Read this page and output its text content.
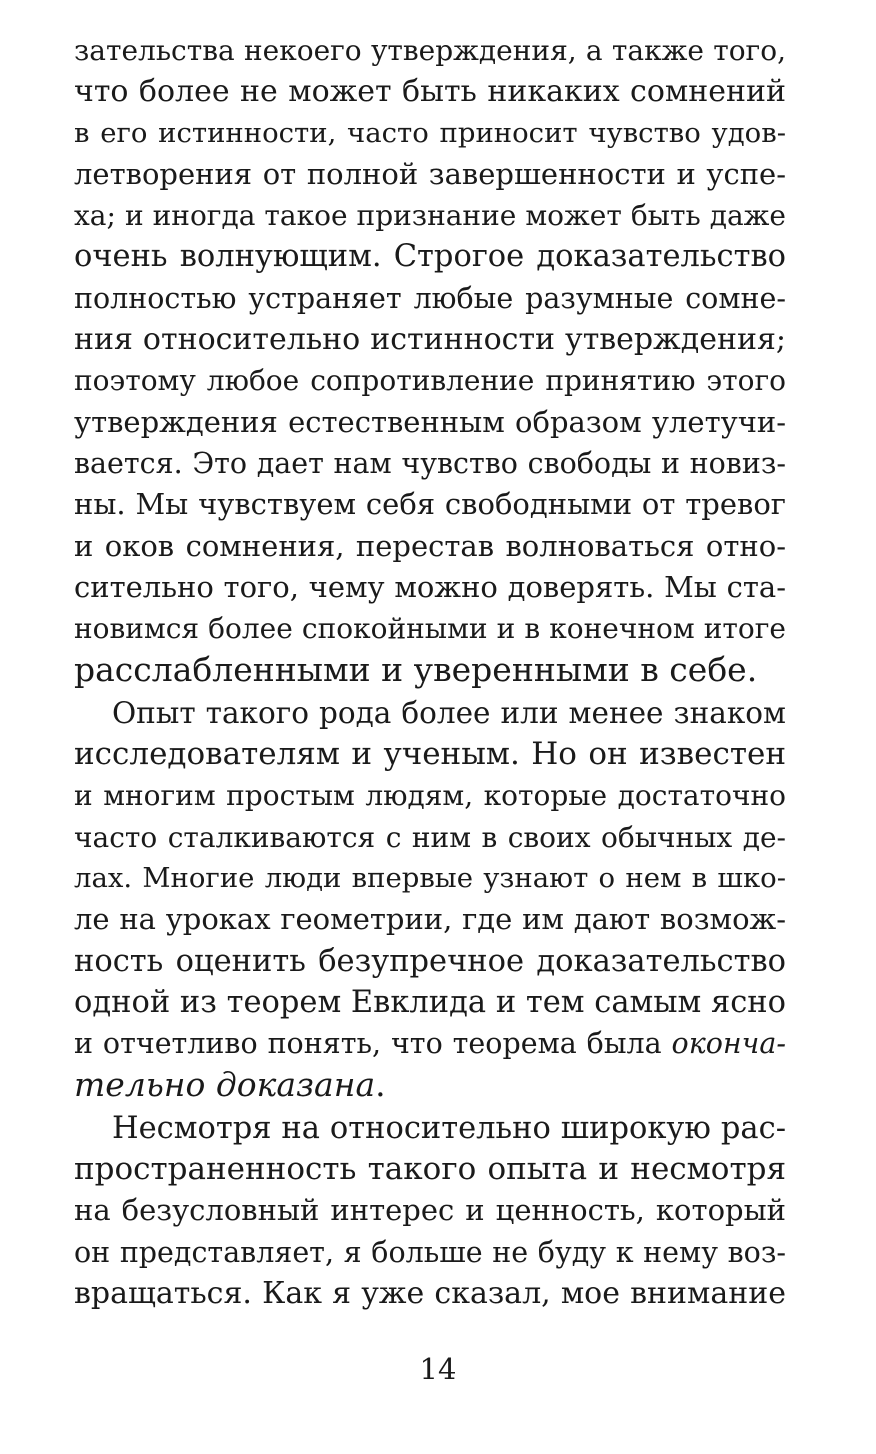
зательства некоего утверждения, а также того,
что более не может быть никаких сомнений
в его истинности, часто приносит чувство удов-
летворения от полной завершенности и успе-
ха; и иногда такое признание может быть даже
очень волнующим. Строгое доказательство
полностью устраняет любые разумные сомне-
ния относительно истинности утверждения;
поэтому любое сопротивление принятию этого
утверждения естественным образом улетучи-
вается. Это дает нам чувство свободы и новиз-
ны. Мы чувствуем себя свободными от тревог
и оков сомнения, перестав волноваться отно-
сительно того, чему можно доверять. Мы ста-
новимся более спокойными и в конечном итоге
расслабленными и уверенными в себе.
Опыт такого рода более или менее знаком
исследователям и ученым. Но он известен
и многим простым людям, которые достаточно
часто сталкиваются с ним в своих обычных де-
лах. Многие люди впервые узнают о нем в шко-
ле на уроках геометрии, где им дают возмож-
ность оценить безупречное доказательство
одной из теорем Евклида и тем самым ясно
и отчетливо понять, что теорема была оконча-
тельно доказана.
Несмотря на относительно широкую рас-
пространенность такого опыта и несмотря
на безусловный интерес и ценность, который
он представляет, я больше не буду к нему воз-
вращаться. Как я уже сказал, мое внимание
14
